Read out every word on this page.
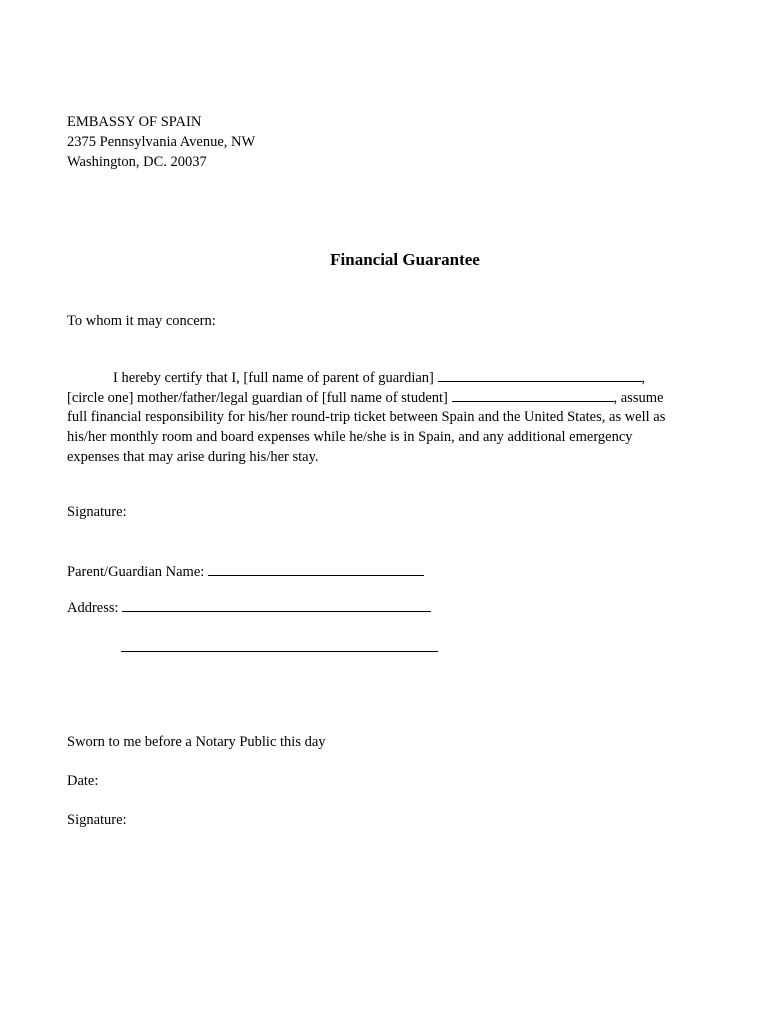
EMBASSY OF SPAIN
2375 Pennsylvania Avenue, NW
Washington, DC. 20037
Financial Guarantee
To whom it may concern:
I hereby certify that I, [full name of parent of guardian]	,
[circle one] mother/father/legal guardian of [full name of student]	, assume
full financial responsibility for his/her round-trip ticket between Spain and the United States, as well as
his/her monthly room and board expenses while he/she is in Spain, and any additional emergency
expenses that may arise during his/her stay.
Signature:
Parent/Guardian Name:
Address:
Sworn to me before a Notary Public this day
Date:
Signature:
